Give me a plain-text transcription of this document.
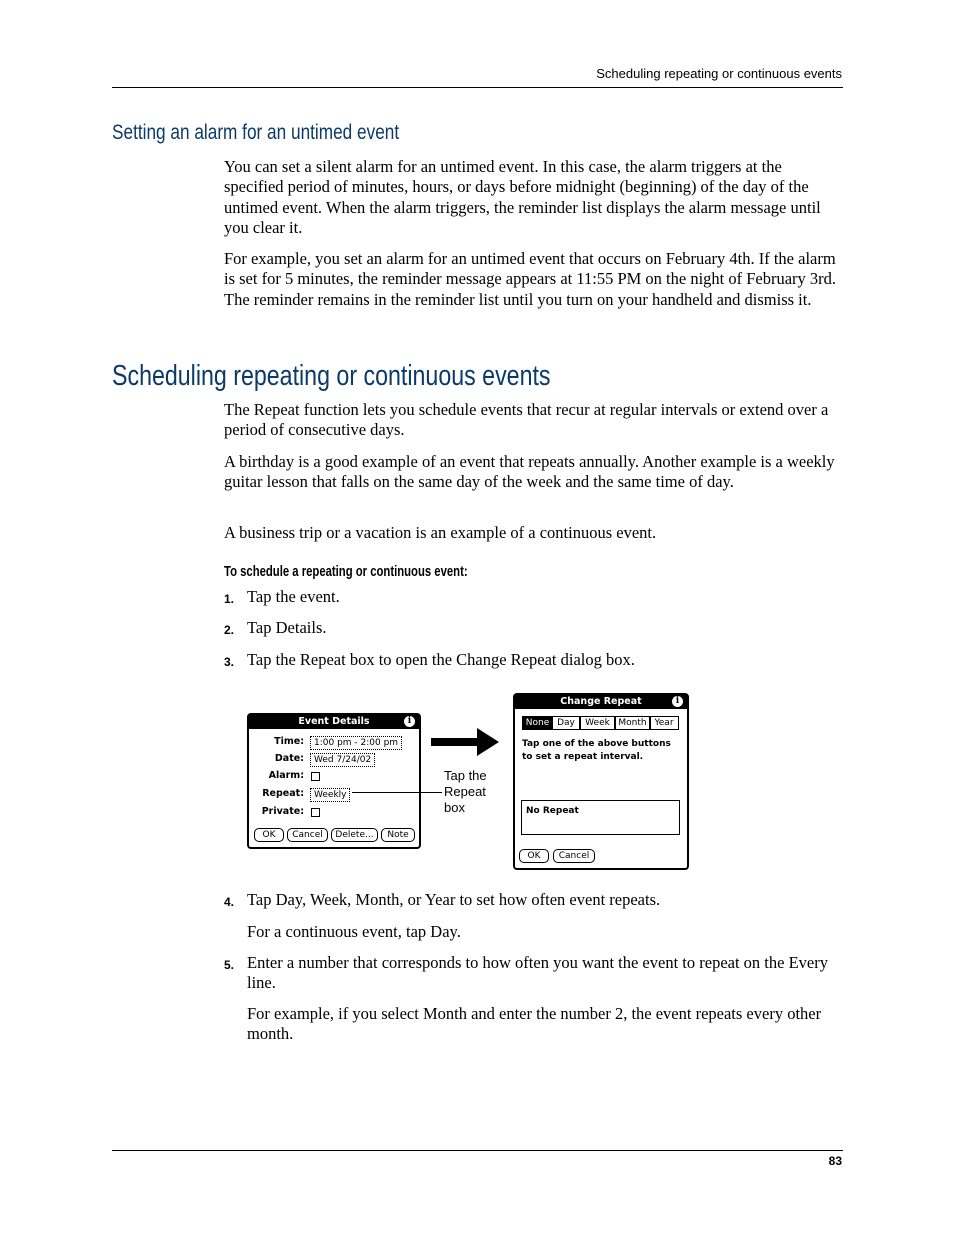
Scheduling repeating or continuous events
Setting an alarm for an untimed event

You can set a silent alarm for an untimed event. In this case, the alarm triggers at the specified period of minutes, hours, or days before midnight (beginning) of the day of the untimed event. When the alarm triggers, the reminder list displays the alarm message until you clear it.

For example, you set an alarm for an untimed event that occurs on February 4th. If the alarm is set for 5 minutes, the reminder message appears at 11:55 PM on the night of February 3rd. The reminder remains in the reminder list until you turn on your handheld and dismiss it.

Scheduling repeating or continuous events

The Repeat function lets you schedule events that recur at regular intervals or extend over a period of consecutive days.

A birthday is a good example of an event that repeats annually. Another example is a weekly guitar lesson that falls on the same day of the week and the same time of day.

A business trip or a vacation is an example of a continuous event.

To schedule a repeating or continuous event:
1. Tap the event.

2. Tap Details.

3. Tap the Repeat box to open the Change Repeat dialog box.

Event Details	i
Time:	1:00 pm - 2:00 pm
Date:	Wed 7/24/02
Alarm:
Repeat:	Weekly
Private:
OK	Cancel	Delete...	Note
Tap the
Repeat
box
Change Repeat	i
None Day	Week Month Year
Tap one of the above buttons to set a repeat interval.
No Repeat
OK	Cancel
4. Tap Day, Week, Month, or Year to set how often event repeats.

For a continuous event, tap Day.

5. Enter a number that corresponds to how often you want the event to repeat on the Every line.

For example, if you select Month and enter the number 2, the event repeats every other month.

83
